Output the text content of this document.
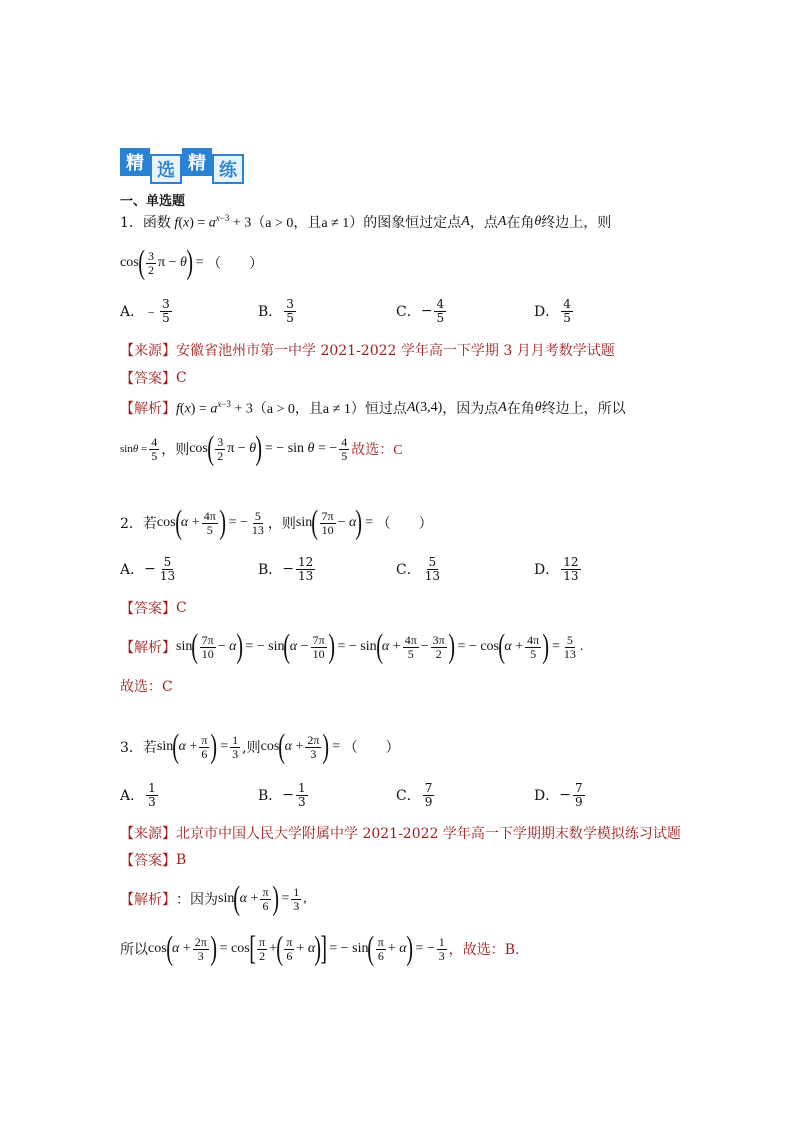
精 选 精 练
一、单选题
1． 函数 $f(x) = a^{x-3} + 3$ （a > 0，且a ≠ 1） 的图象恒过定点 A ，点 A 在角 θ 终边上，则
cos ( $\frac{3}{2}$ π − θ ) = （　　）
A． ﹣ $\frac{3}{5}$	B． $\frac{3}{5}$	C． − $\frac{4}{5}$	D． $\frac{4}{5}$
【来源】 安徽省池州市第一中学 2021-2022 学年高一下学期 3 月月考数学试题
【答案】 C
【解析】 $f(x) = a^{x-3} + 3$ （a > 0，且a ≠ 1） 恒过点 A(3,4) ，因为点 A 在角 θ 终边上，所以
$\sin\theta = \frac{4}{5}$ ，则 cos ( $\frac{3}{2}$ π − θ ) = − sin θ = − $\frac{4}{5}$ 故选：C
2．若 cos ( $\alpha + \frac{4\pi}{5}$ ) = − $\frac{5}{13}$ ，则 sin ( $\frac{7\pi}{10} - \alpha$ ) = （　　）
A． − $\frac{5}{13}$	B． − $\frac{12}{13}$	C． $\frac{5}{13}$	D． $\frac{12}{13}$
【答案】 C
【解析】 sin ( $\frac{7\pi}{10} - \alpha$ ) = − sin ( $\alpha - \frac{7\pi}{10}$ ) = − sin ( $\alpha + \frac{4\pi}{5} - \frac{3\pi}{2}$ ) = − cos ( $\alpha + \frac{4\pi}{5}$ ) = $\frac{5}{13}$ .
故选：C
3．若 sin ( $\alpha + \frac{\pi}{6}$ ) = $\frac{1}{3}$ ,则 cos ( $\alpha + \frac{2\pi}{3}$ ) = （　　）
A． $\frac{1}{3}$	B． − $\frac{1}{3}$	C． $\frac{7}{9}$	D． − $\frac{7}{9}$
【来源】 北京市中国人民大学附属中学 2021-2022 学年高一下学期期末数学模拟练习试题
【答案】 B
【解析】 ：因为 sin ( $\alpha + \frac{\pi}{6}$ ) = $\frac{1}{3}$ ,
所以 cos ( $\alpha + \frac{2\pi}{3}$ ) = cos [ $\frac{\pi}{2}$ + ( $\frac{\pi}{6} + \alpha$ )
] = − sin ( $\frac{\pi}{6} + \alpha$ ) = − $\frac{1}{3}$ ，故选：B.
